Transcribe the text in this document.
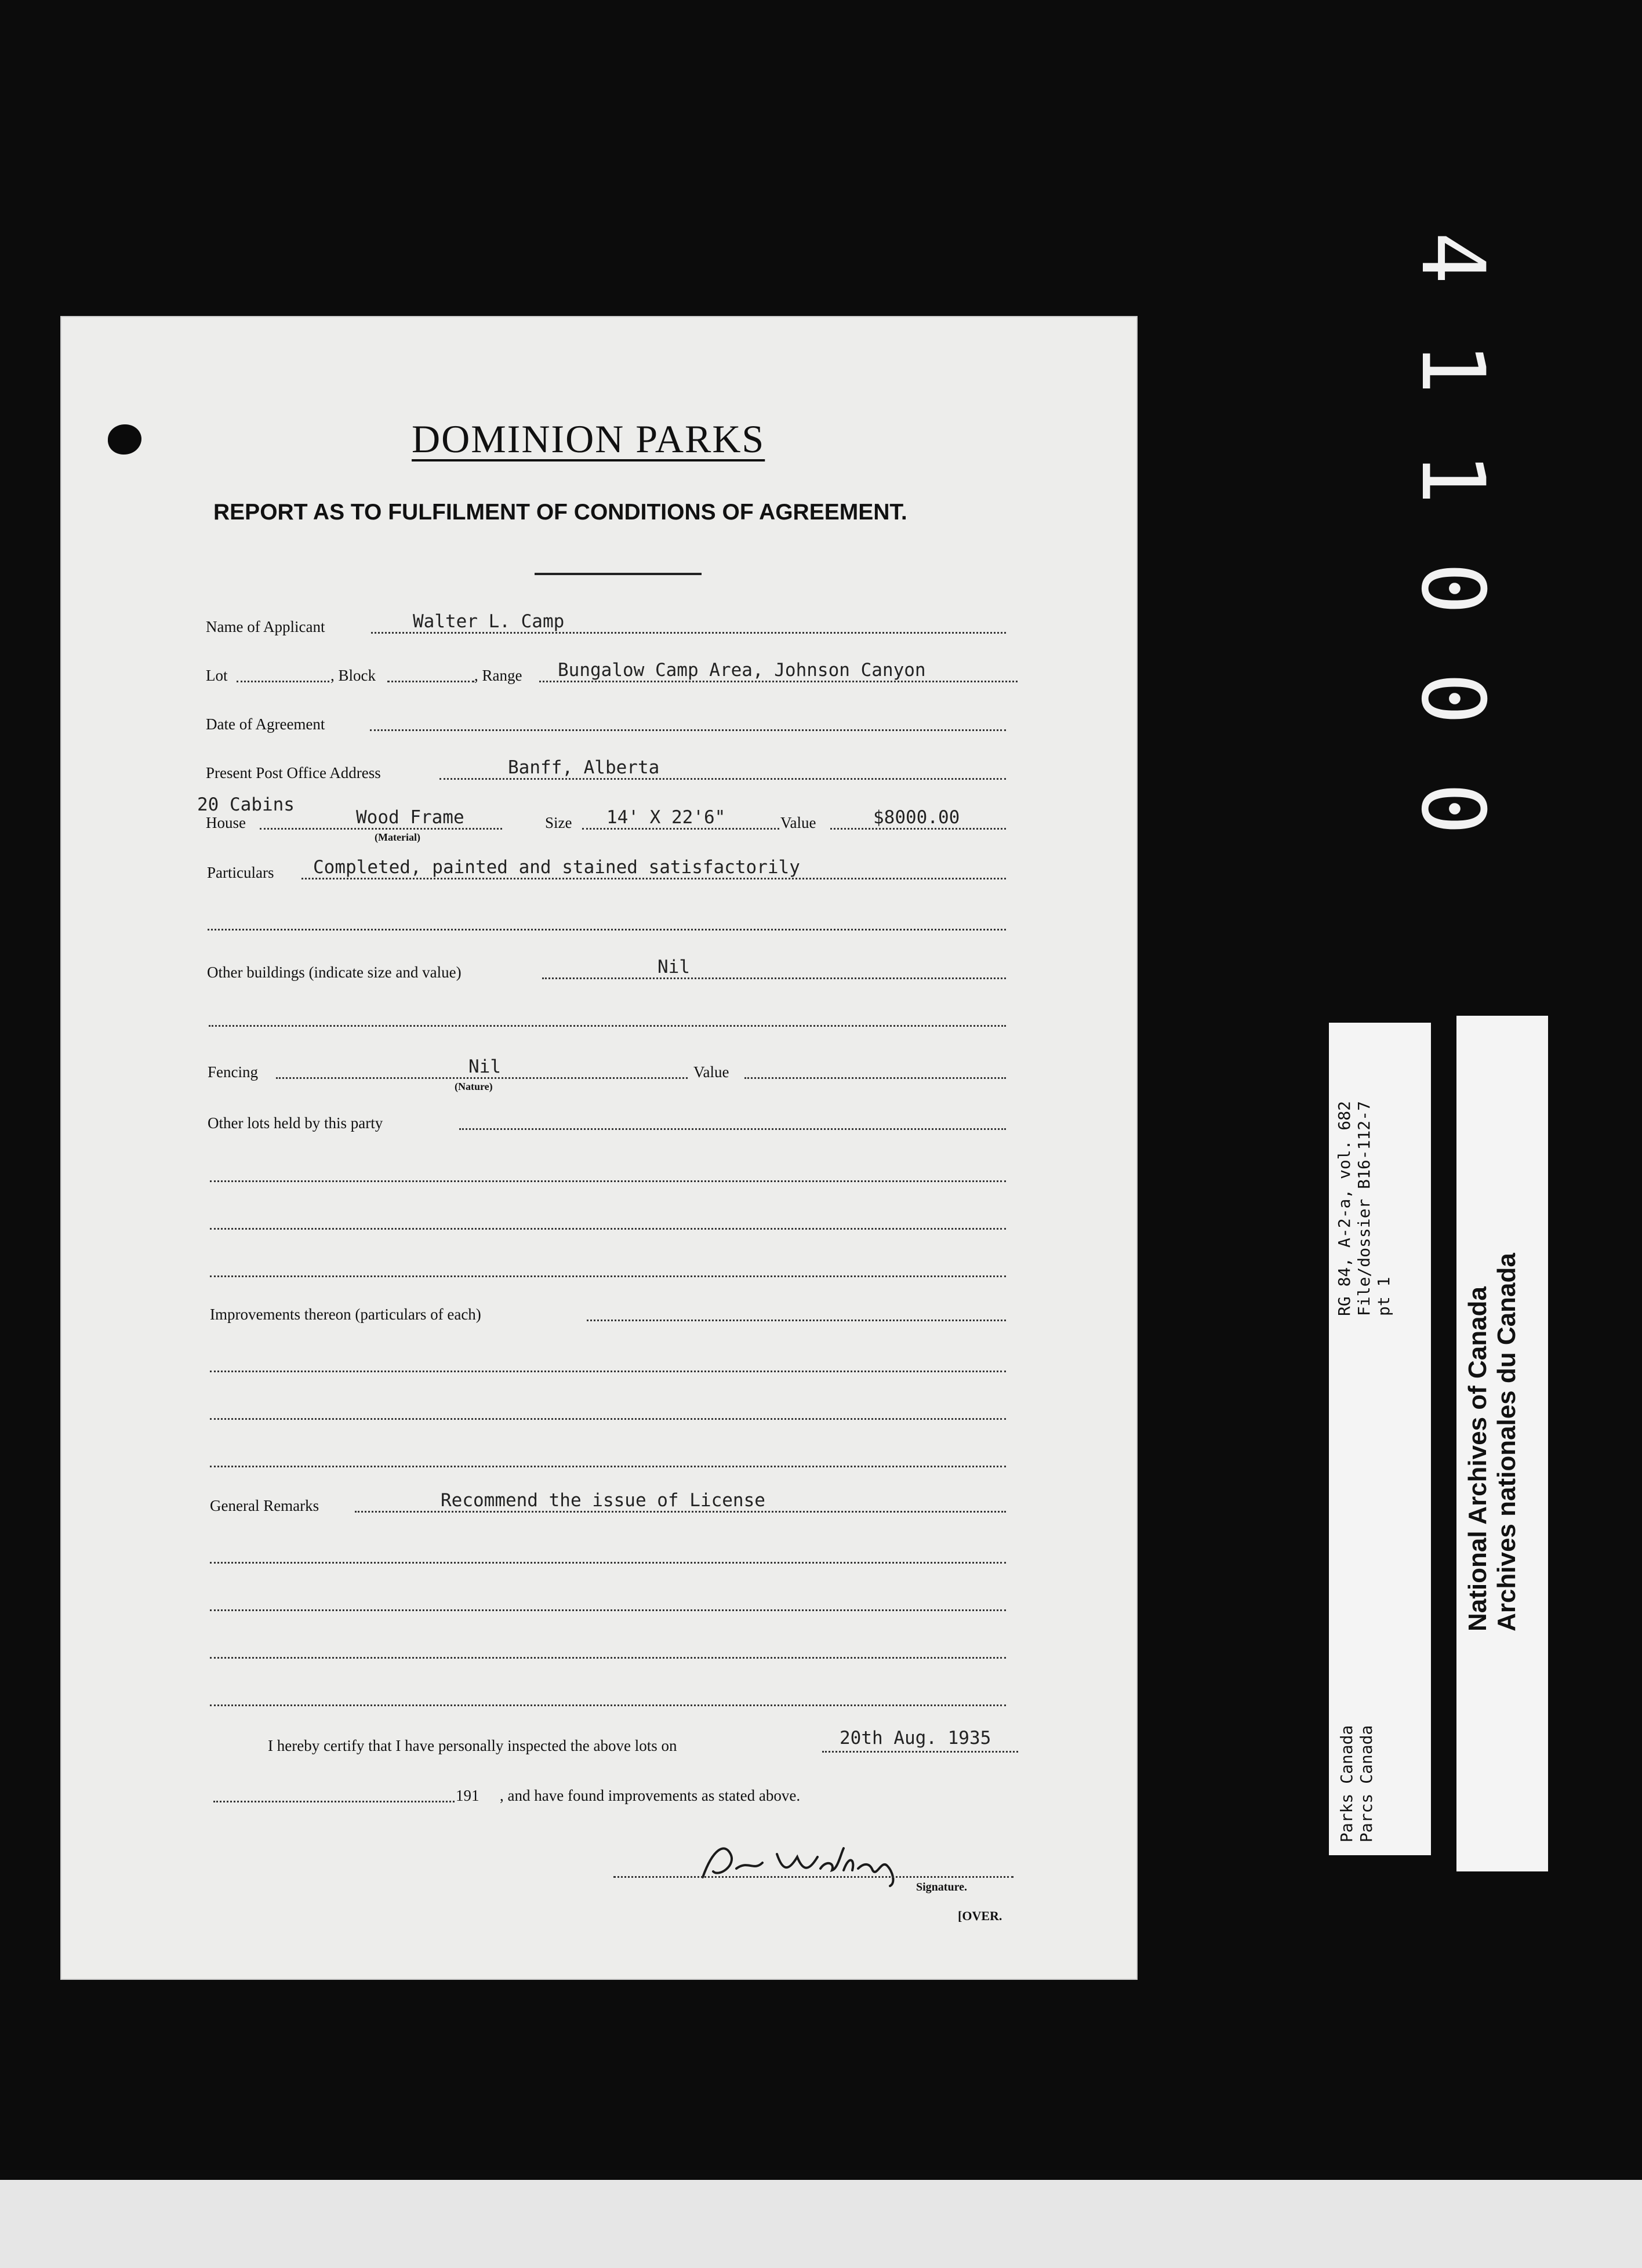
4
1
1
0
0
0
DOMINION PARKS
REPORT AS TO FULFILMENT OF CONDITIONS OF AGREEMENT.
Name of Applicant	Walter L. Camp
Lot	, Block	, Range Bungalow Camp Area, Johnson Canyon
Date of Agreement
Present Post Office Address	Banff, Alberta
20 Cabins
House	Wood Frame
(Material)
Size 14' X 22'6"	Value	$8000.00
Particulars Completed, painted and stained satisfactorily
Other buildings (indicate size and value)	Nil
Fencing	Nil
(Nature)
Value
Other lots held by this party
Improvements thereon (particulars of each)
General Remarks	Recommend the issue of License
I hereby certify that I have personally inspected the above lots on	20th Aug. 1935
191 , and have found improvements as stated above.
Signature.
[OVER.
RG 84, A-2-a, vol. 682 File/dossier B16-112-7 pt 1
Parks Canada Parcs Canada
National Archives of Canada Archives nationales du Canada
